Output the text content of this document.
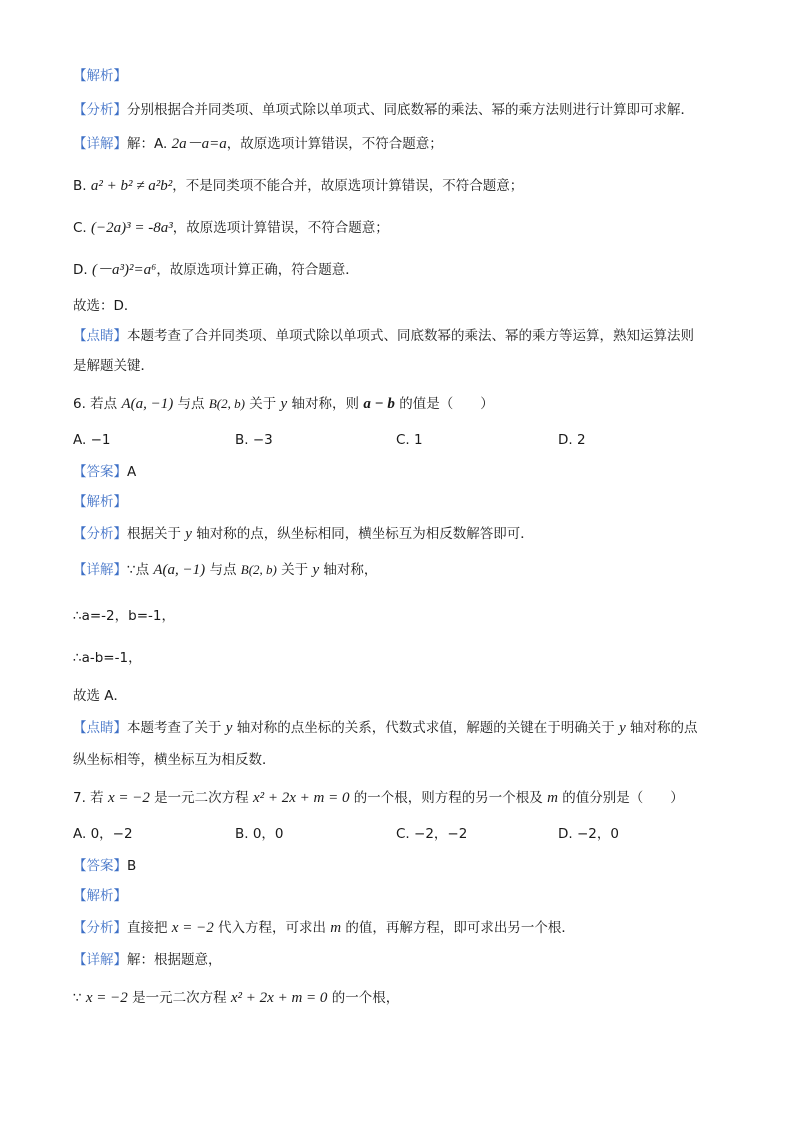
【解析】
【分析】分别根据合并同类项、单项式除以单项式、同底数幂的乘法、幂的乘方法则进行计算即可求解．
【详解】解：A. 2a－a=a，故原选项计算错误，不符合题意；
B. a² + b² ≠ a²b²，不是同类项不能合并，故原选项计算错误，不符合题意；
C. (−2a)³ = -8a³，故原选项计算错误，不符合题意；
D. (－a³)²=a⁶，故原选项计算正确，符合题意．
故选：D．
【点睛】本题考查了合并同类项、单项式除以单项式、同底数幂的乘法、幂的乘方等运算，熟知运算法则
是解题关键．
6. 若点 A(a, −1) 与点 B(2, b) 关于 y 轴对称，则 a − b 的值是（　　）
A. −1	B. −3	C. 1	D. 2
【答案】A
【解析】
【分析】根据关于 y 轴对称的点，纵坐标相同，横坐标互为相反数解答即可．
【详解】∵点 A(a, −1) 与点 B(2, b) 关于 y 轴对称，
∴a=-2，b=-1，
∴a-b=-1，
故选 A．
【点睛】本题考查了关于 y 轴对称的点坐标的关系，代数式求值，解题的关键在于明确关于 y 轴对称的点
纵坐标相等，横坐标互为相反数．
7. 若 x = −2 是一元二次方程 x² + 2x + m = 0 的一个根，则方程的另一个根及 m 的值分别是（　　）
A. 0，−2	B. 0，0	C. −2，−2	D. −2，0
【答案】B
【解析】
【分析】直接把 x = −2 代入方程，可求出 m 的值，再解方程，即可求出另一个根．
【详解】解：根据题意，
∵ x = −2 是一元二次方程 x² + 2x + m = 0 的一个根，
